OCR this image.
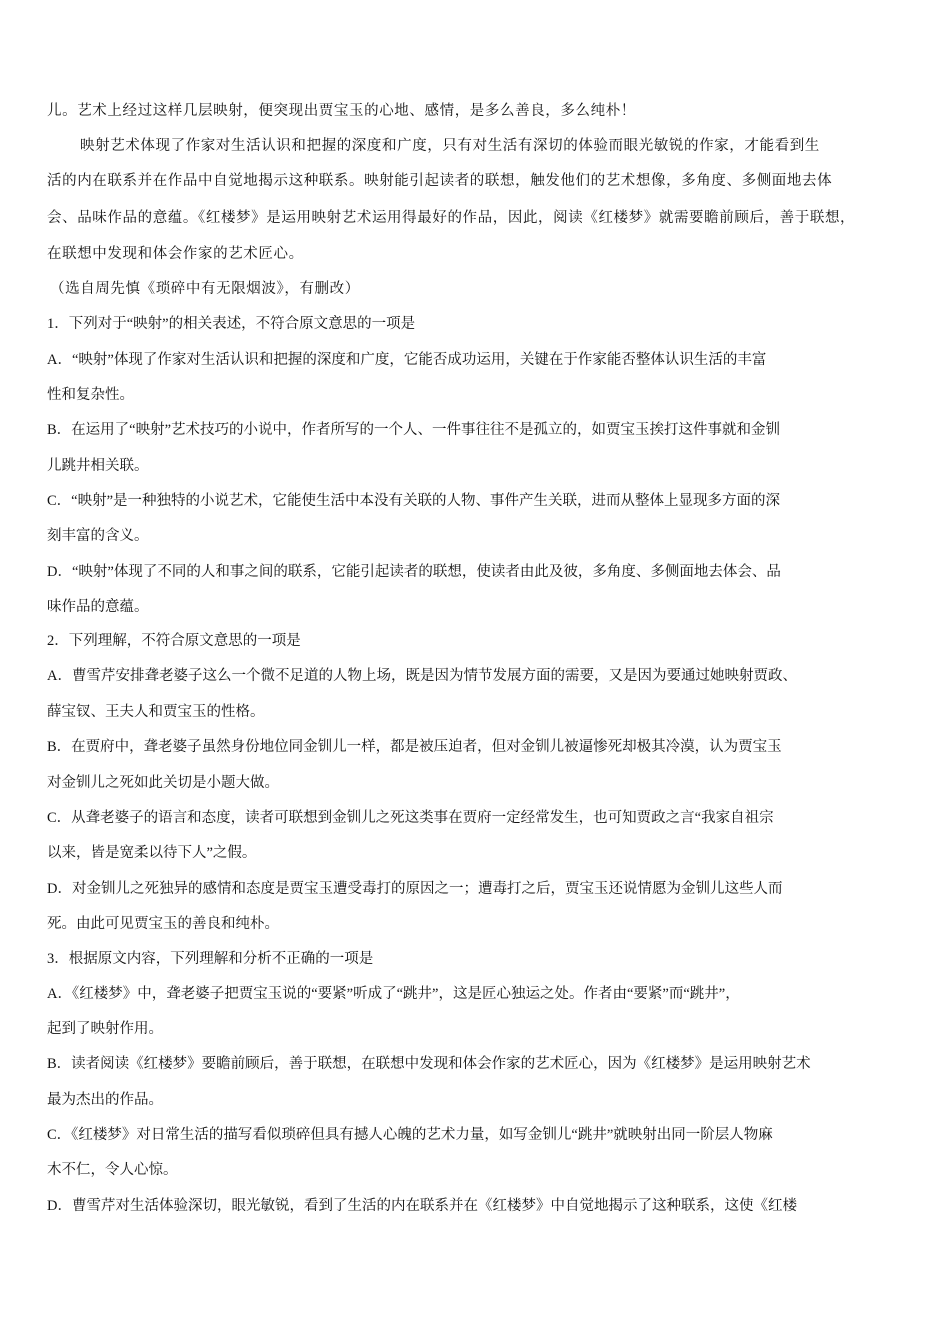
儿。艺术上经过这样几层映射，便突现出贾宝玉的心地、感情，是多么善良，多么纯朴！
映射艺术体现了作家对生活认识和把握的深度和广度，只有对生活有深切的体验而眼光敏锐的作家，才能看到生
活的内在联系并在作品中自觉地揭示这种联系。映射能引起读者的联想，触发他们的艺术想像，多角度、多侧面地去体
会、品味作品的意蕴。《红楼梦》是运用映射艺术运用得最好的作品，因此，阅读《红楼梦》就需要瞻前顾后，善于联想，
在联想中发现和体会作家的艺术匠心。
（选自周先慎《琐碎中有无限烟波》，有删改）
1．下列对于“映射”的相关表述，不符合原文意思的一项是
A．“映射”体现了作家对生活认识和把握的深度和广度，它能否成功运用，关键在于作家能否整体认识生活的丰富
性和复杂性。
B．在运用了“映射”艺术技巧的小说中，作者所写的一个人、一件事往往不是孤立的，如贾宝玉挨打这件事就和金钏
儿跳井相关联。
C．“映射”是一种独特的小说艺术，它能使生活中本没有关联的人物、事件产生关联，进而从整体上显现多方面的深
刻丰富的含义。
D．“映射”体现了不同的人和事之间的联系，它能引起读者的联想，使读者由此及彼，多角度、多侧面地去体会、品
味作品的意蕴。
2．下列理解，不符合原文意思的一项是
A．曹雪芹安排聋老婆子这么一个微不足道的人物上场，既是因为情节发展方面的需要，又是因为要通过她映射贾政、
薛宝钗、王夫人和贾宝玉的性格。
B．在贾府中，聋老婆子虽然身份地位同金钏儿一样，都是被压迫者，但对金钏儿被逼惨死却极其冷漠，认为贾宝玉
对金钏儿之死如此关切是小题大做。
C．从聋老婆子的语言和态度，读者可联想到金钏儿之死这类事在贾府一定经常发生，也可知贾政之言“我家自祖宗
以来，皆是宽柔以待下人”之假。
D．对金钏儿之死独异的感情和态度是贾宝玉遭受毒打的原因之一；遭毒打之后，贾宝玉还说情愿为金钏儿这些人而
死。由此可见贾宝玉的善良和纯朴。
3．根据原文内容，下列理解和分析不正确的一项是
A．《红楼梦》中，聋老婆子把贾宝玉说的“要紧”听成了“跳井”，这是匠心独运之处。作者由“要紧”而“跳井”，
起到了映射作用。
B．读者阅读《红楼梦》要瞻前顾后，善于联想，在联想中发现和体会作家的艺术匠心，因为《红楼梦》是运用映射艺术
最为杰出的作品。
C．《红楼梦》对日常生活的描写看似琐碎但具有撼人心魄的艺术力量，如写金钏儿“跳井”就映射出同一阶层人物麻
木不仁，令人心惊。
D．曹雪芹对生活体验深切，眼光敏锐，看到了生活的内在联系并在《红楼梦》中自觉地揭示了这种联系，这使《红楼
